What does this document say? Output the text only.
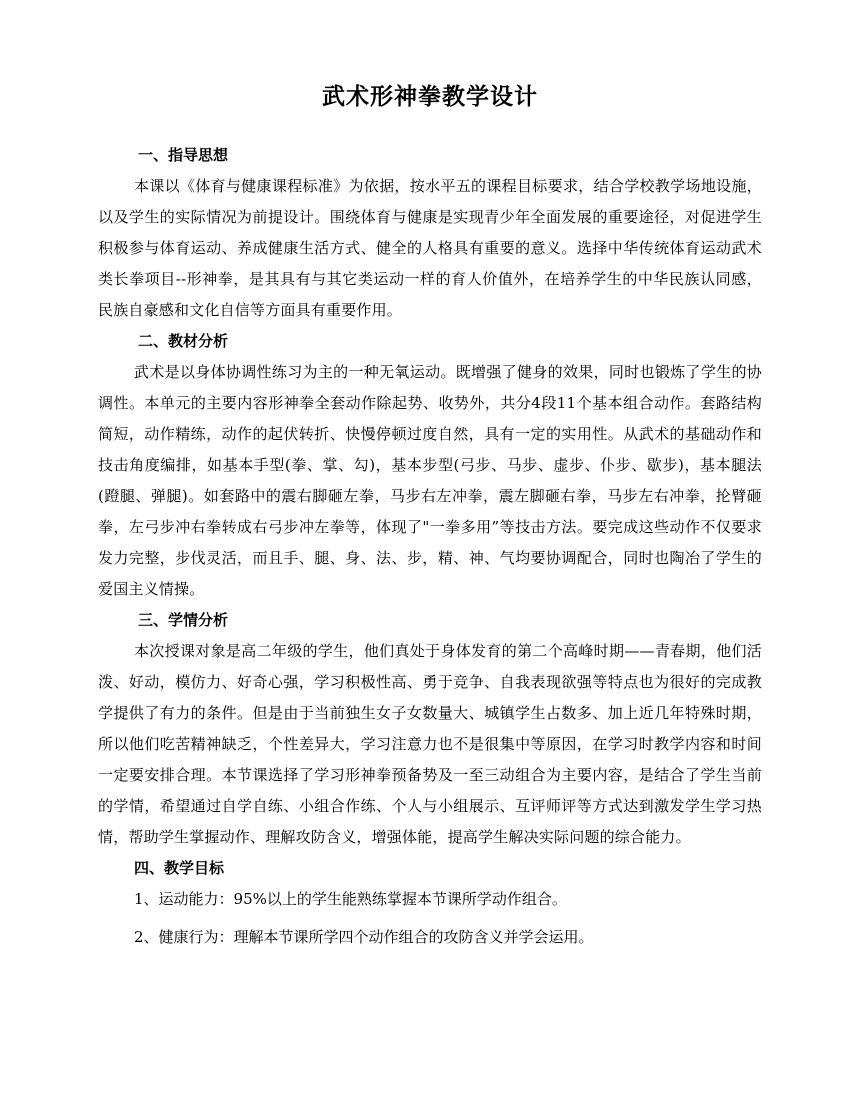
武术形神拳教学设计
一、指导思想

本课以《体育与健康课程标准》为依据，按水平五的课程目标要求，结合学校教学场地设施，以及学生的实际情况为前提设计。围绕体育与健康是实现青少年全面发展的重要途径，对促进学生积极参与体育运动、养成健康生活方式、健全的人格具有重要的意义。选择中华传统体育运动武术类长拳项目--形神拳，是其具有与其它类运动一样的育人价值外，在培养学生的中华民族认同感，民族自豪感和文化自信等方面具有重要作用。

二、教材分析

武术是以身体协调性练习为主的一种无氧运动。既增强了健身的效果，同时也锻炼了学生的协调性。本单元的主要内容形神拳全套动作除起势、收势外，共分4段11个基本组合动作。套路结构简短，动作精练，动作的起伏转折、快慢停顿过度自然，具有一定的实用性。从武术的基础动作和技击角度编排，如基本手型(拳、掌、勾)，基本步型(弓步、马步、虚步、仆步、歇步)，基本腿法(蹬腿、弹腿)。如套路中的震右脚砸左拳，马步右左冲拳，震左脚砸右拳，马步左右冲拳，抡臂砸拳，左弓步冲右拳转成右弓步冲左拳等，体现了"一拳多用”等技击方法。要完成这些动作不仅要求发力完整，步伐灵活，而且手、腿、身、法、步，精、神、气均要协调配合，同时也陶冶了学生的爱国主义情操。

三、学情分析

本次授课对象是高二年级的学生，他们真处于身体发育的第二个高峰时期——青春期，他们活泼、好动，模仿力、好奇心强，学习积极性高、勇于竞争、自我表现欲强等特点也为很好的完成教学提供了有力的条件。但是由于当前独生女子女数量大、城镇学生占数多、加上近几年特殊时期，所以他们吃苦精神缺乏，个性差异大，学习注意力也不是很集中等原因，在学习时教学内容和时间一定要安排合理。本节课选择了学习形神拳预备势及一至三动组合为主要内容，是结合了学生当前的学情，希望通过自学自练、小组合作练、个人与小组展示、互评师评等方式达到激发学生学习热情，帮助学生掌握动作、理解攻防含义，增强体能，提高学生解决实际问题的综合能力。

四、教学目标

1、运动能力：95%以上的学生能熟练掌握本节课所学动作组合。

2、健康行为：理解本节课所学四个动作组合的攻防含义并学会运用。
